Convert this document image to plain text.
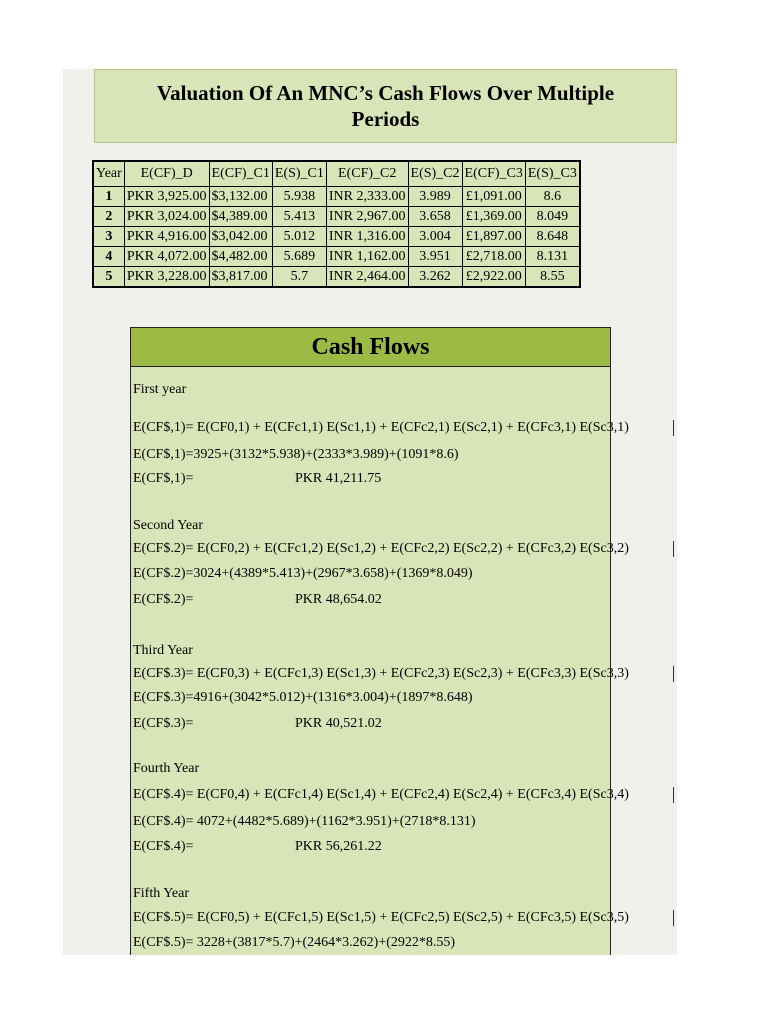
Valuation Of An MNC’s Cash Flows Over Multiple Periods
Year	E(CF)_D	E(CF)_C1	E(S)_C1	E(CF)_C2	E(S)_C2	E(CF)_C3	E(S)_C3
1	PKR 3,925.00	$3,132.00	5.938	INR 2,333.00	3.989	£1,091.00	8.6
2	PKR 3,024.00	$4,389.00	5.413	INR 2,967.00	3.658	£1,369.00	8.049
3	PKR 4,916.00	$3,042.00	5.012	INR 1,316.00	3.004	£1,897.00	8.648
4	PKR 4,072.00	$4,482.00	5.689	INR 1,162.00	3.951	£2,718.00	8.131
5	PKR 3,228.00	$3,817.00	5.7	INR 2,464.00	3.262	£2,922.00	8.55
Cash Flows
First year
E(CF$,1)= E(CF0,1) + E(CFc1,1) E(Sc1,1) + E(CFc2,1) E(Sc2,1) + E(CFc3,1) E(Sc3,1)
E(CF$,1)=3925+(3132*5.938)+(2333*3.989)+(1091*8.6)
E(CF$,1)=	PKR 41,211.75
Second Year
E(CF$.2)= E(CF0,2) + E(CFc1,2) E(Sc1,2) + E(CFc2,2) E(Sc2,2) + E(CFc3,2) E(Sc3,2)
E(CF$.2)=3024+(4389*5.413)+(2967*3.658)+(1369*8.049)
E(CF$.2)=	PKR 48,654.02
Third Year
E(CF$.3)= E(CF0,3) + E(CFc1,3) E(Sc1,3) + E(CFc2,3) E(Sc2,3) + E(CFc3,3) E(Sc3,3)
E(CF$.3)=4916+(3042*5.012)+(1316*3.004)+(1897*8.648)
E(CF$.3)=	PKR 40,521.02
Fourth Year
E(CF$.4)= E(CF0,4) + E(CFc1,4) E(Sc1,4) + E(CFc2,4) E(Sc2,4) + E(CFc3,4) E(Sc3,4)
E(CF$.4)= 4072+(4482*5.689)+(1162*3.951)+(2718*8.131)
E(CF$.4)=	PKR 56,261.22
Fifth Year
E(CF$.5)= E(CF0,5) + E(CFc1,5) E(Sc1,5) + E(CFc2,5) E(Sc2,5) + E(CFc3,5) E(Sc3,5)
E(CF$.5)= 3228+(3817*5.7)+(2464*3.262)+(2922*8.55)
